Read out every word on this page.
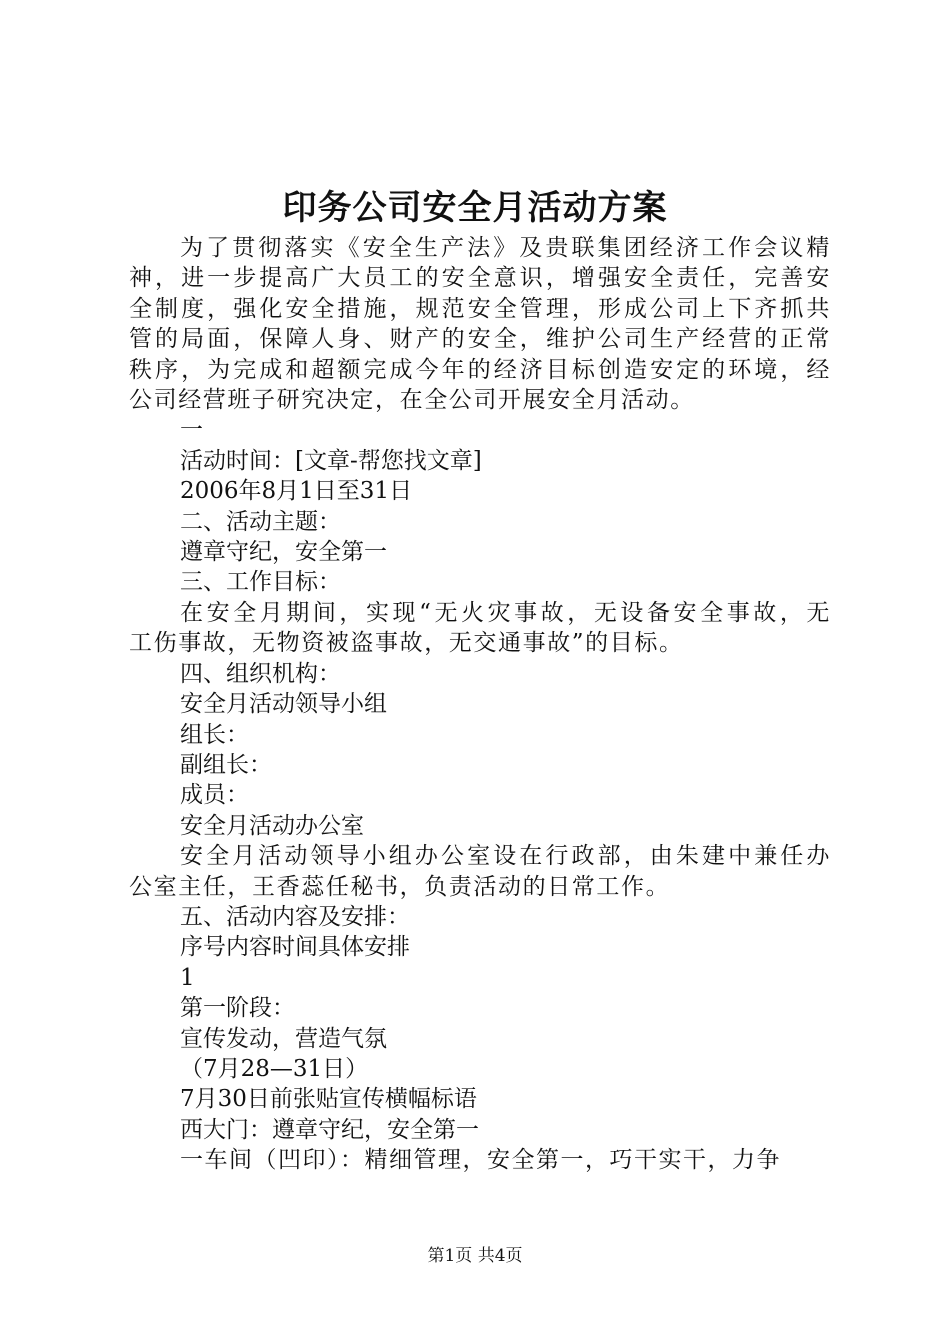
印务公司安全月活动方案
为了贯彻落实《安全生产法》及贵联集团经济工作会议精
神，进一步提高广大员工的安全意识，增强安全责任，完善安
全制度，强化安全措施，规范安全管理，形成公司上下齐抓共
管的局面，保障人身、财产的安全，维护公司生产经营的正常
秩序，为完成和超额完成今年的经济目标创造安定的环境，经
公司经营班子研究决定，在全公司开展安全月活动。
一
活动时间：[文章-帮您找文章]
2006年8月1日至31日
二、活动主题：
遵章守纪，安全第一
三、工作目标：
在安全月期间，实现“无火灾事故，无设备安全事故，无
工伤事故，无物资被盗事故，无交通事故”的目标。
四、组织机构：
安全月活动领导小组
组长：
副组长：
成员：
安全月活动办公室
安全月活动领导小组办公室设在行政部，由朱建中兼任办
公室主任，王香蕊任秘书，负责活动的日常工作。
五、活动内容及安排：
序号内容时间具体安排
1
第一阶段：
宣传发动，营造气氛
（7月28—31日）
7月30日前张贴宣传横幅标语
西大门：遵章守纪，安全第一
一车间（凹印）：精细管理，安全第一，巧干实干，力争
第1页 共4页
